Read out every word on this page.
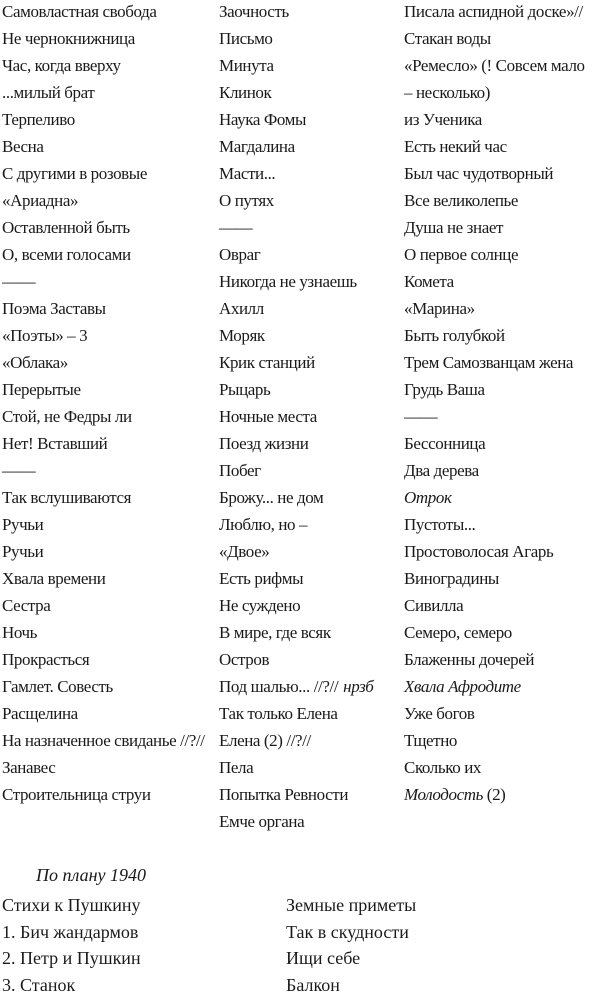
Самовластная свобода
Не чернокнижница
Час, когда вверху
...милый брат
Терпеливо
Весна
С другими в розовые
«Ариадна»
Оставленной быть
О, всеми голосами
——
Поэма Заставы
«Поэты» – 3
«Облака»
Перерытые
Стой, не Федры ли
Нет! Вставший
——
Так вслушиваются
Ручьи
Ручьи
Хвала времени
Сестра
Ночь
Прокрасться
Гамлет. Совесть
Расщелина
На назначенное свиданье //?//
Занавес
Строительница струи
Заочность
Письмо
Минута
Клинок
Наука Фомы
Магдалина
Масти...
О путях
——
Овраг
Никогда не узнаешь
Ахилл
Моряк
Крик станций
Рыцарь
Ночные места
Поезд жизни
Побег
Брожу... не дом
Люблю, но –
«Двое»
Есть рифмы
Не суждено
В мире, где всяк
Остров
Под шалью... //?// нрзб
Так только Елена
Елена (2) //?//
Пела
Попытка Ревности
Емче органа
Писала аспидной доске»//
Стакан воды
«Ремесло» (! Совсем мало
– несколько)
из Ученика
Есть некий час
Был час чудотворный
Все великолепье
Душа не знает
О первое солнце
Комета
«Марина»
Быть голубкой
Трем Самозванцам жена
Грудь Ваша
——
Бессонница
Два дерева
Отрок
Пустоты...
Простоволосая Агарь
Виноградины
Сивилла
Семеро, семеро
Блаженны дочерей
Хвала Афродите
Уже богов
Тщетно
Сколько их
Молодость (2)
По плану 1940
Стихи к Пушкину
1. Бич жандармов
2. Петр и Пушкин
3. Станок
Земные приметы
Так в скудности
Ищи себе
Балкон
